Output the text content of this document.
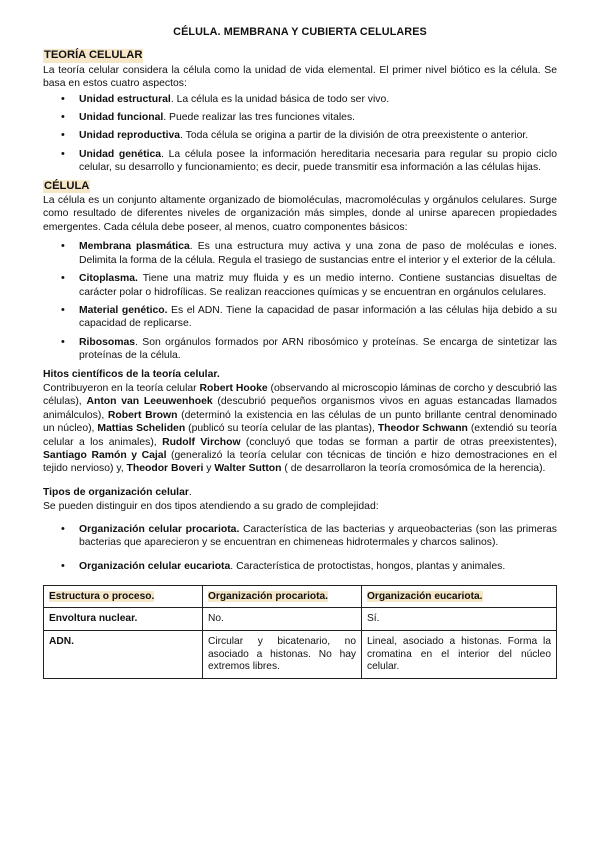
CÉLULA. MEMBRANA Y CUBIERTA CELULARES
TEORÍA CELULAR

La teoría celular considera la célula como la unidad de vida elemental. El primer nivel biótico es la célula. Se basa en estos cuatro aspectos:

• Unidad estructural. La célula es la unidad básica de todo ser vivo.
• Unidad funcional. Puede realizar las tres funciones vitales.
• Unidad reproductiva. Toda célula se origina a partir de la división de otra preexistente o anterior.
• Unidad genética. La célula posee la información hereditaria necesaria para regular su propio ciclo celular, su desarrollo y funcionamiento; es decir, puede transmitir esa información a las células hijas.
CÉLULA

La célula es un conjunto altamente organizado de biomoléculas, macromoléculas y orgánulos celulares. Surge como resultado de diferentes niveles de organización más simples, donde al unirse aparecen propiedades emergentes. Cada célula debe poseer, al menos, cuatro componentes básicos:

• Membrana plasmática. Es una estructura muy activa y una zona de paso de moléculas e iones. Delimita la forma de la célula. Regula el trasiego de sustancias entre el interior y el exterior de la célula.
• Citoplasma. Tiene una matriz muy fluida y es un medio interno. Contiene sustancias disueltas de carácter polar o hidrofílicas. Se realizan reacciones químicas y se encuentran en orgánulos celulares.
• Material genético. Es el ADN. Tiene la capacidad de pasar información a las células hija debido a su capacidad de replicarse.
• Ribosomas. Son orgánulos formados por ARN ribosómico y proteínas. Se encarga de sintetizar las proteínas de la célula.
Hitos científicos de la teoría celular.

Contribuyeron en la teoría celular Robert Hooke (observando al microscopio láminas de corcho y descubrió las células), Anton van Leeuwenhoek (descubrió pequeños organismos vivos en aguas estancadas llamados animálculos), Robert Brown (determinó la existencia en las células de un punto brillante central denominado un núcleo), Mattias Scheliden (publicó su teoría celular de las plantas), Theodor Schwann (extendió su teoría celular a los animales), Rudolf Virchow (concluyó que todas se forman a partir de otras preexistentes), Santiago Ramón y Cajal (generalizó la teoría celular con técnicas de tinción e hizo demostraciones en el tejido nervioso) y, Theodor Boveri y Walter Sutton ( de desarrollaron la teoría cromosómica de la herencia).

Tipos de organización celular.

Se pueden distinguir en dos tipos atendiendo a su grado de complejidad:

• Organización celular procariota. Característica de las bacterias y arqueobacterias (son las primeras bacterias que aparecieron y se encuentran en chimeneas hidrotermales y charcos salinos).
• Organización celular eucariota. Característica de protoctistas, hongos, plantas y animales.
Estructura o proceso.	Organización procariota.	Organización eucariota.
Envoltura nuclear.	No.	Sí.
ADN.	Circular y bicatenario, no asociado a histonas. No hay extremos libres.	Lineal, asociado a histonas. Forma la cromatina en el interior del núcleo celular.
